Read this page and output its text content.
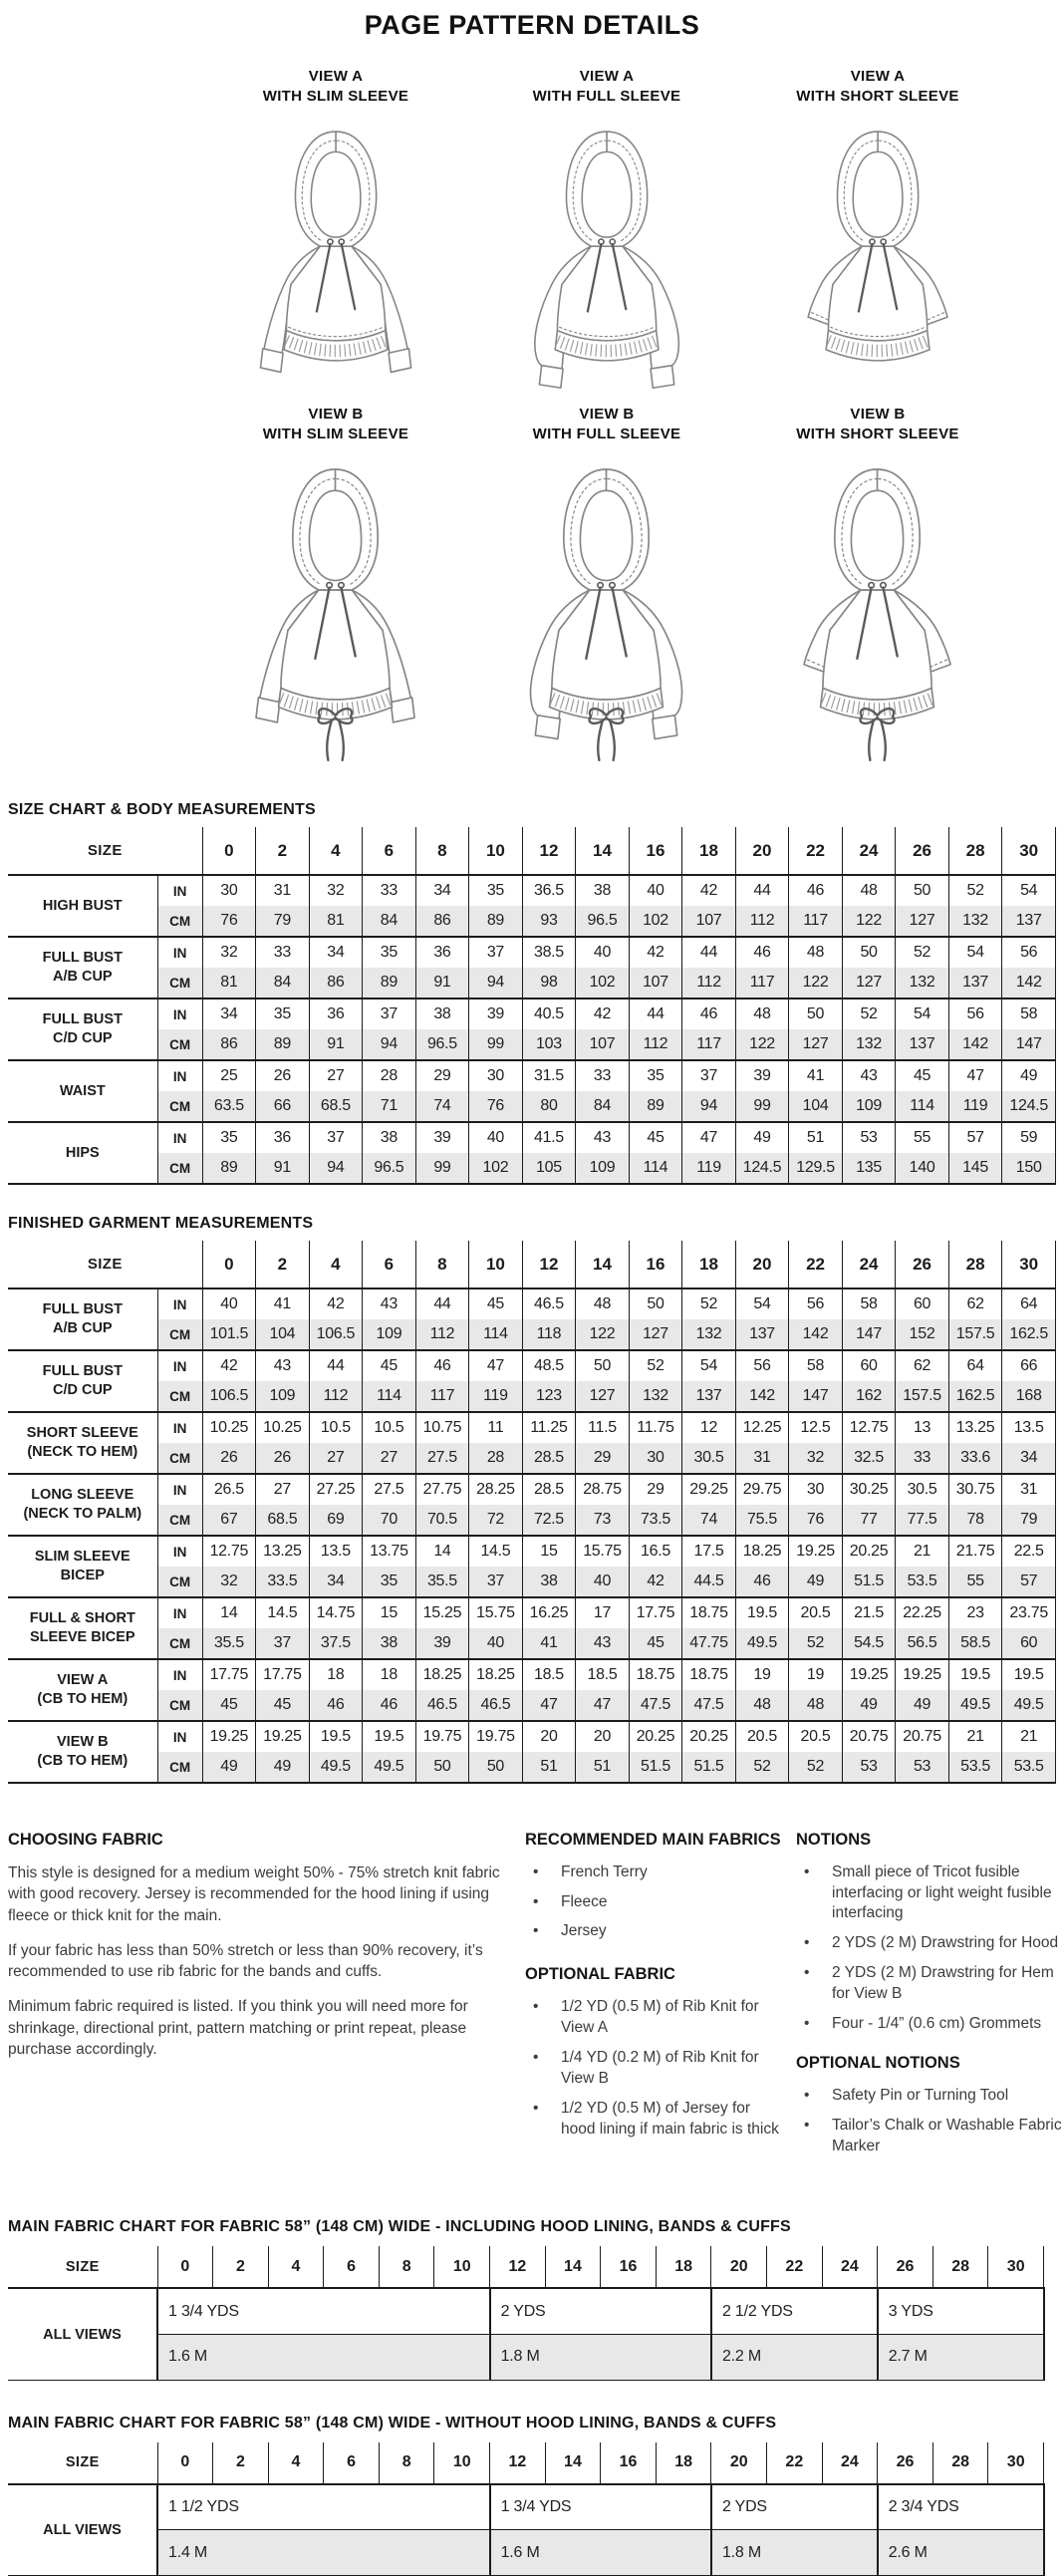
PAGE PATTERN DETAILS
VIEW A
WITH SLIM SLEEVE
VIEW A
WITH FULL SLEEVE
VIEW A
WITH SHORT SLEEVE
VIEW B
WITH SLIM SLEEVE
VIEW B
WITH FULL SLEEVE
VIEW B
WITH SHORT SLEEVE
SIZE CHART & BODY MEASUREMENTS
SIZE		0	2	4	6	8	10	12	14	16	18	20	22	24	26	28	30

HIGH BUST	IN	30	31	32	33	34	35	36.5	38	40	42	44	46	48	50	52	54
	CM	76	79	81	84	86	89	93	96.5	102	107	112	117	122	127	132	137

FULL BUST
A/B CUP	IN	32	33	34	35	36	37	38.5	40	42	44	46	48	50	52	54	56
	CM	81	84	86	89	91	94	98	102	107	112	117	122	127	132	137	142

FULL BUST
C/D CUP	IN	34	35	36	37	38	39	40.5	42	44	46	48	50	52	54	56	58
	CM	86	89	91	94	96.5	99	103	107	112	117	122	127	132	137	142	147

WAIST	IN	25	26	27	28	29	30	31.5	33	35	37	39	41	43	45	47	49
	CM	63.5	66	68.5	71	74	76	80	84	89	94	99	104	109	114	119	124.5

HIPS	IN	35	36	37	38	39	40	41.5	43	45	47	49	51	53	55	57	59
	CM	89	91	94	96.5	99	102	105	109	114	119	124.5	129.5	135	140	145	150
FINISHED GARMENT MEASUREMENTS
SIZE		0	2	4	6	8	10	12	14	16	18	20	22	24	26	28	30

FULL BUST
A/B CUP	IN	40	41	42	43	44	45	46.5	48	50	52	54	56	58	60	62	64
	CM	101.5	104	106.5	109	112	114	118	122	127	132	137	142	147	152	157.5	162.5

FULL BUST
C/D CUP	IN	42	43	44	45	46	47	48.5	50	52	54	56	58	60	62	64	66
	CM	106.5	109	112	114	117	119	123	127	132	137	142	147	162	157.5	162.5	168

SHORT SLEEVE
(NECK TO HEM)	IN	10.25	10.25	10.5	10.5	10.75	11	11.25	11.5	11.75	12	12.25	12.5	12.75	13	13.25	13.5
	CM	26	26	27	27	27.5	28	28.5	29	30	30.5	31	32	32.5	33	33.6	34

LONG SLEEVE
(NECK TO PALM)	IN	26.5	27	27.25	27.5	27.75	28.25	28.5	28.75	29	29.25	29.75	30	30.25	30.5	30.75	31
	CM	67	68.5	69	70	70.5	72	72.5	73	73.5	74	75.5	76	77	77.5	78	79

SLIM SLEEVE
BICEP	IN	12.75	13.25	13.5	13.75	14	14.5	15	15.75	16.5	17.5	18.25	19.25	20.25	21	21.75	22.5
	CM	32	33.5	34	35	35.5	37	38	40	42	44.5	46	49	51.5	53.5	55	57

FULL & SHORT
SLEEVE BICEP	IN	14	14.5	14.75	15	15.25	15.75	16.25	17	17.75	18.75	19.5	20.5	21.5	22.25	23	23.75
	CM	35.5	37	37.5	38	39	40	41	43	45	47.75	49.5	52	54.5	56.5	58.5	60

VIEW A
(CB TO HEM)	IN	17.75	17.75	18	18	18.25	18.25	18.5	18.5	18.75	18.75	19	19	19.25	19.25	19.5	19.5
	CM	45	45	46	46	46.5	46.5	47	47	47.5	47.5	48	48	49	49	49.5	49.5

VIEW B
(CB TO HEM)	IN	19.25	19.25	19.5	19.5	19.75	19.75	20	20	20.25	20.25	20.5	20.5	20.75	20.75	21	21
	CM	49	49	49.5	49.5	50	50	51	51	51.5	51.5	52	52	53	53	53.5	53.5
CHOOSING FABRIC

This style is designed for a medium weight 50% - 75% stretch knit fabric with good recovery. Jersey is recommended for the hood lining if using fleece or thick knit for the main.

If your fabric has less than 50% stretch or less than 90% recovery, it’s recommended to use rib fabric for the bands and cuffs.

Minimum fabric required is listed. If you think you will need more for shrinkage, directional print, pattern matching or print repeat, please purchase accordingly.

RECOMMENDED MAIN FABRICS
• French Terry
• Fleece
• Jersey
OPTIONAL FABRIC
• 1/2 YD (0.5 M) of Rib Knit for View A
• 1/4 YD (0.2 M) of Rib Knit for View B
• 1/2 YD (0.5 M) of Jersey for hood lining if main fabric is thick
NOTIONS
• Small piece of Tricot fusible interfacing or light weight fusible interfacing
• 2 YDS (2 M) Drawstring for Hood
• 2 YDS (2 M) Drawstring for Hem for View B
• Four - 1/4” (0.6 cm) Grommets
OPTIONAL NOTIONS
• Safety Pin or Turning Tool
• Tailor’s Chalk or Washable Fabric Marker
MAIN FABRIC CHART FOR FABRIC 58” (148 CM) WIDE - INCLUDING HOOD LINING, BANDS & CUFFS
SIZE	0	2	4	6	8	10	12	14	16	18	20	22	24	26	28	30
ALL VIEWS	1 3/4 YDS						2 YDS				2 1/2 YDS			3 YDS		
	1.6 M						1.8 M				2.2 M			2.7 M		
MAIN FABRIC CHART FOR FABRIC 58” (148 CM) WIDE - WITHOUT HOOD LINING, BANDS & CUFFS
SIZE	0	2	4	6	8	10	12	14	16	18	20	22	24	26	28	30
ALL VIEWS	1 1/2 YDS						1 3/4 YDS				2 YDS			2 3/4 YDS		
	1.4 M						1.6 M				1.8 M			2.6 M		
